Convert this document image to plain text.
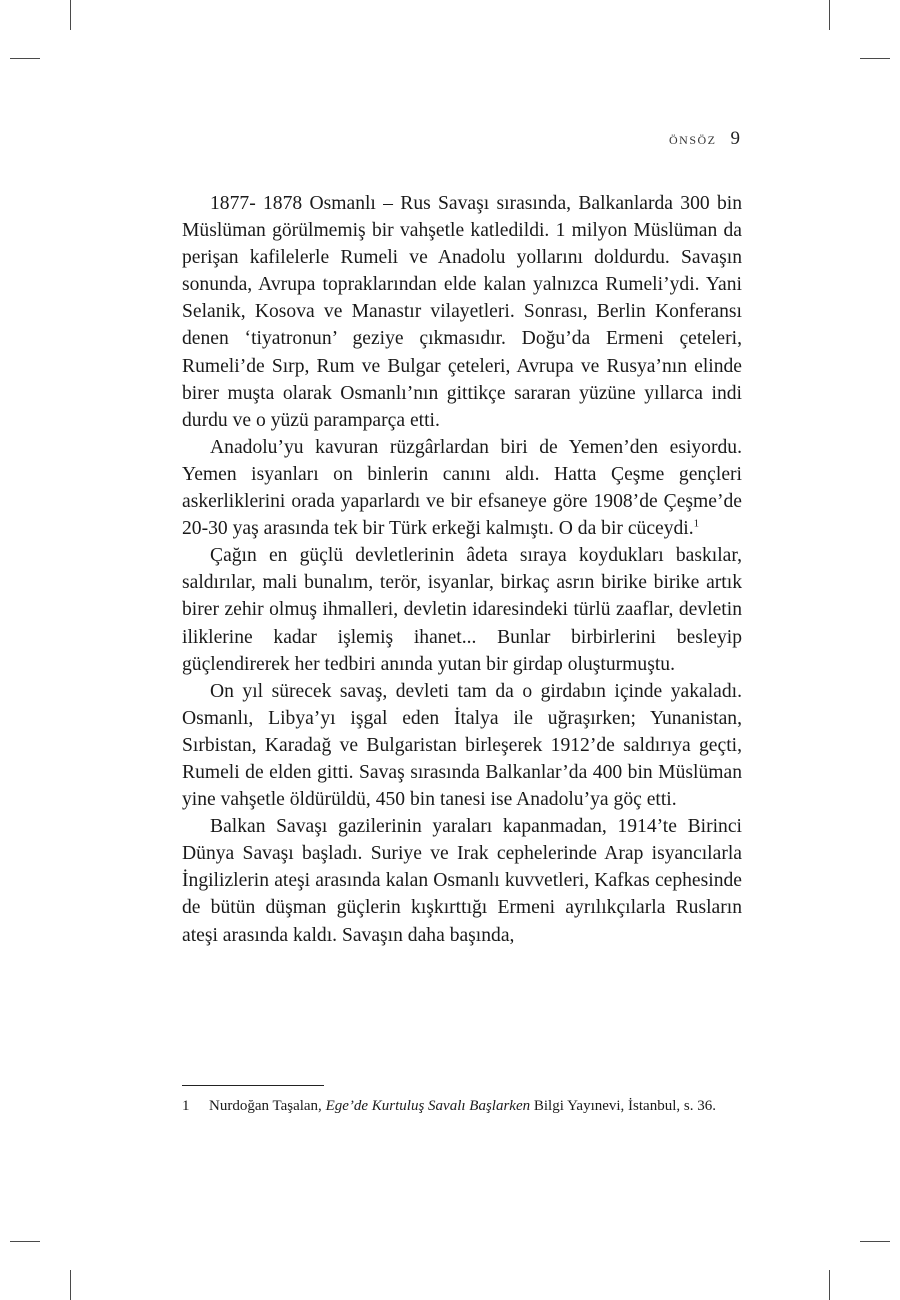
ÖNSÖZ 9

1877- 1878 Osmanlı – Rus Savaşı sırasında, Balkanlarda 300 bin Müslüman görülmemiş bir vahşetle katledildi. 1 milyon Müslüman da perişan kafilelerle Rumeli ve Anadolu yollarını doldurdu. Savaşın sonunda, Avrupa topraklarından elde kalan yalnızca Rumeli’ydi. Yani Selanik, Kosova ve Manastır vilayetleri. Sonrası, Berlin Konferansı denen ‘tiyatronun’ geziye çıkmasıdır. Doğu’da Ermeni çeteleri, Rumeli’de Sırp, Rum ve Bulgar çeteleri, Avrupa ve Rusya’nın elinde birer muşta olarak Osmanlı’nın gittikçe sararan yüzüne yıllarca indi durdu ve o yüzü paramparça etti.

Anadolu’yu kavuran rüzgârlardan biri de Yemen’den esiyordu. Yemen isyanları on binlerin canını aldı. Hatta Çeşme gençleri askerliklerini orada yaparlardı ve bir efsaneye göre 1908’de Çeşme’de 20-30 yaş arasında tek bir Türk erkeği kalmıştı. O da bir cüceydi.$^1$

Çağın en güçlü devletlerinin âdeta sıraya koydukları baskılar, saldırılar, mali bunalım, terör, isyanlar, birkaç asrın birike birike artık birer zehir olmuş ihmalleri, devletin idaresindeki türlü zaaflar, devletin iliklerine kadar işlemiş ihanet... Bunlar birbirlerini besleyip güçlendirerek her tedbiri anında yutan bir girdap oluşturmuştu.

On yıl sürecek savaş, devleti tam da o girdabın içinde yakaladı. Osmanlı, Libya’yı işgal eden İtalya ile uğraşırken; Yunanistan, Sırbistan, Karadağ ve Bulgaristan birleşerek 1912’de saldırıya geçti, Rumeli de elden gitti. Savaş sırasında Balkanlar’da 400 bin Müslüman yine vahşetle öldürüldü, 450 bin tanesi ise Anadolu’ya göç etti.

Balkan Savaşı gazilerinin yaraları kapanmadan, 1914’te Birinci Dünya Savaşı başladı. Suriye ve Irak cephelerinde Arap isyancılarla İngilizlerin ateşi arasında kalan Osmanlı kuvvetleri, Kafkas cephesinde de bütün düşman güçlerin kışkırttığı Ermeni ayrılıkçılarla Rusların ateşi arasında kaldı. Savaşın daha başında,

1	Nurdoğan Taşalan, Ege’de Kurtuluş Savalı Başlarken Bilgi Yayınevi, İstanbul, s. 36.
